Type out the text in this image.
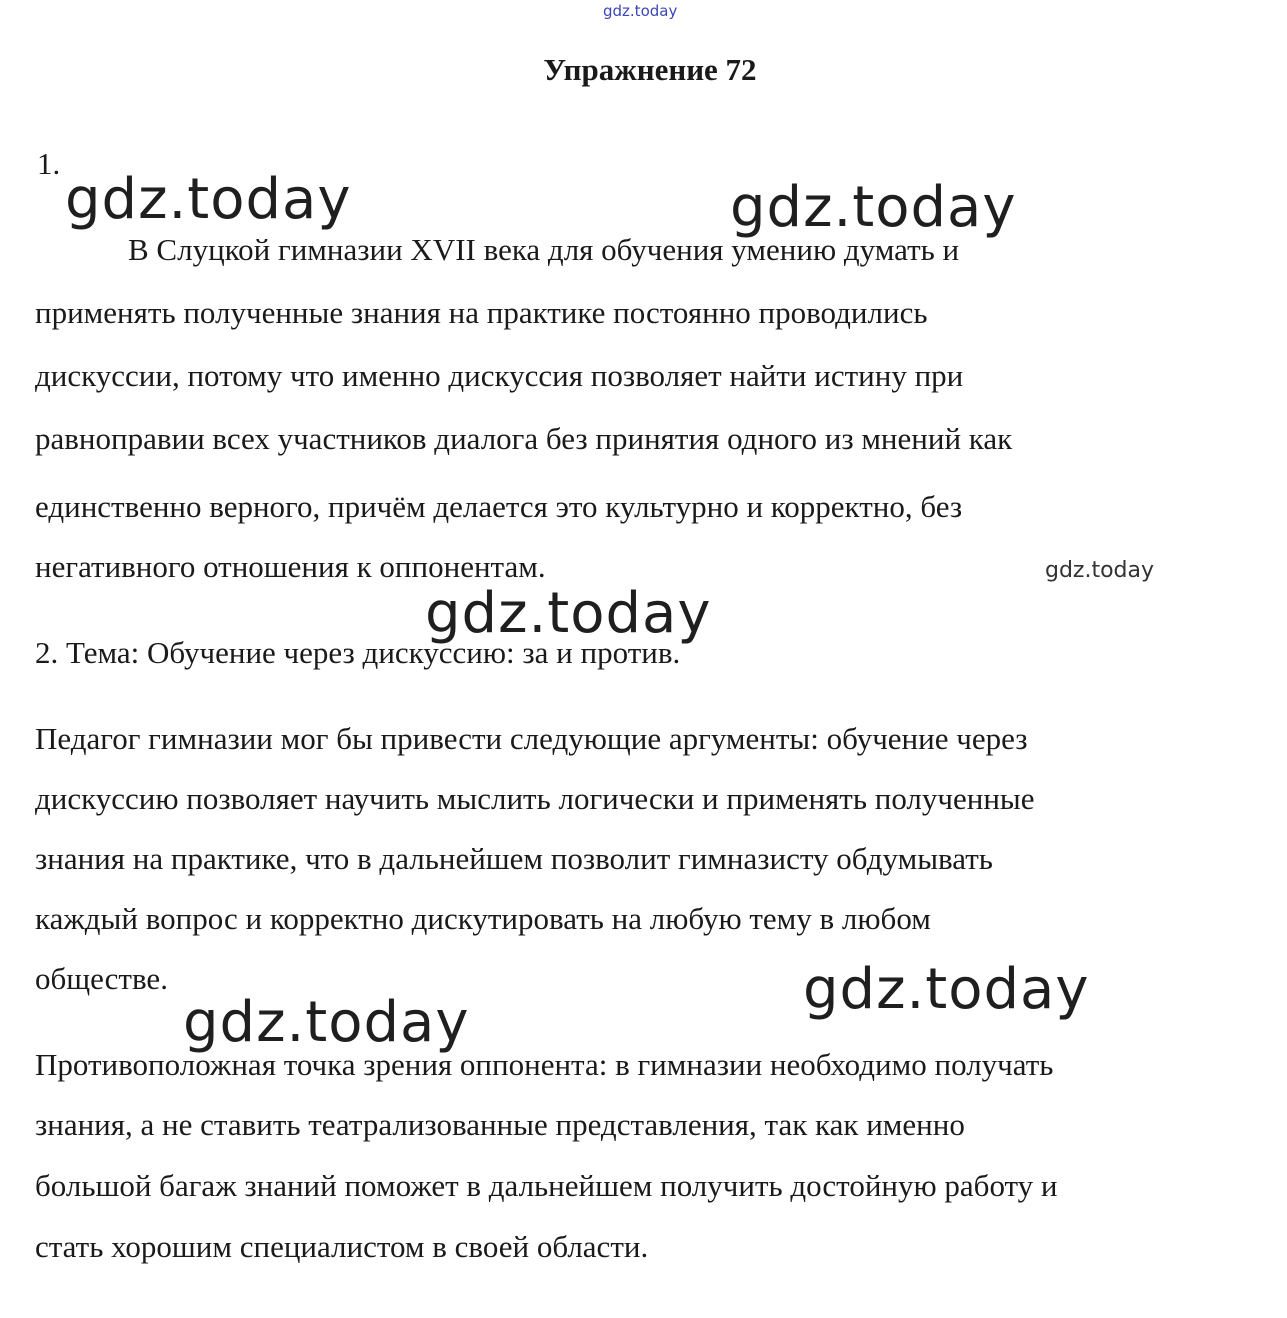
gdz.today
Упражнение 72
1.
gdz.today	gdz.today
В Слуцкой гимназии XVII века для обучения умению думать и
применять полученные знания на практике постоянно проводились
дискуссии, потому что именно дискуссия позволяет найти истину при
равноправии всех участников диалога без принятия одного из мнений как
единственно верного, причём делается это культурно и корректно, без
негативного отношения к оппонентам.	gdz.today
gdz.today
2. Тема: Обучение через дискуссию: за и против.
Педагог гимназии мог бы привести следующие аргументы: обучение через
дискуссию позволяет научить мыслить логически и применять полученные
знания на практике, что в дальнейшем позволит гимназисту обдумывать
каждый вопрос и корректно дискутировать на любую тему в любом
обществе.	gdz.today
gdz.today
Противоположная точка зрения оппонента: в гимназии необходимо получать
знания, а не ставить театрализованные представления, так как именно
большой багаж знаний поможет в дальнейшем получить достойную работу и
стать хорошим специалистом в своей области.
